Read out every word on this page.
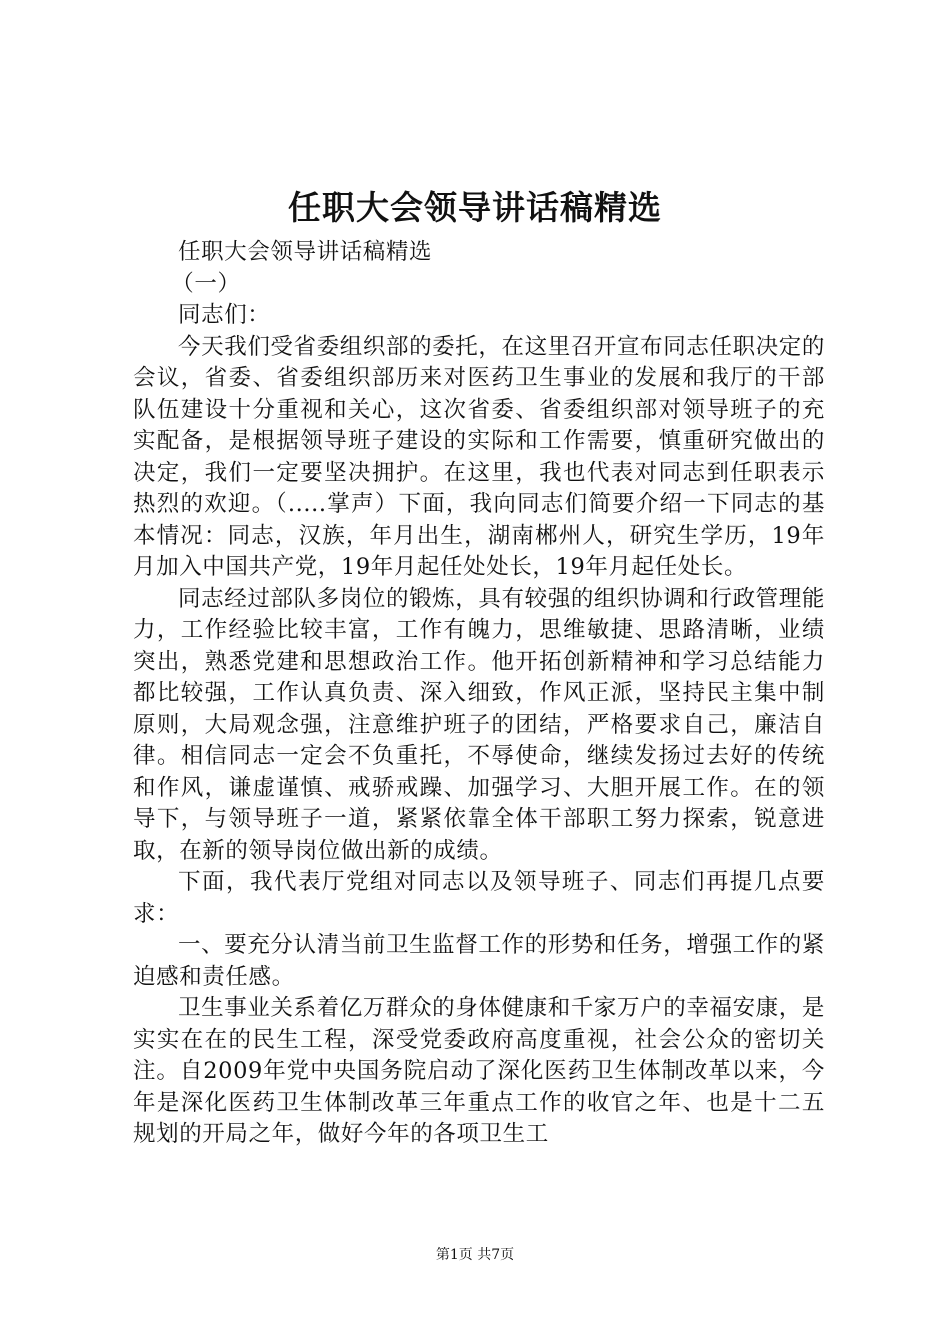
任职大会领导讲话稿精选

任职大会领导讲话稿精选

（一）

同志们：

今天我们受省委组织部的委托，在这里召开宣布同志任职决定的会议，省委、省委组织部历来对医药卫生事业的发展和我厅的干部队伍建设十分重视和关心，这次省委、省委组织部对领导班子的充实配备，是根据领导班子建设的实际和工作需要，慎重研究做出的决定，我们一定要坚决拥护。在这里，我也代表对同志到任职表示热烈的欢迎。（.....掌声）下面，我向同志们简要介绍一下同志的基本情况：同志，汉族，年月出生，湖南郴州人，研究生学历，19年月加入中国共产党，19年月起任处处长，19年月起任处长。

同志经过部队多岗位的锻炼，具有较强的组织协调和行政管理能力，工作经验比较丰富，工作有魄力，思维敏捷、思路清晰，业绩突出，熟悉党建和思想政治工作。他开拓创新精神和学习总结能力都比较强，工作认真负责、深入细致，作风正派，坚持民主集中制原则，大局观念强，注意维护班子的团结，严格要求自己，廉洁自律。相信同志一定会不负重托，不辱使命，继续发扬过去好的传统和作风，谦虚谨慎、戒骄戒躁、加强学习、大胆开展工作。在的领导下，与领导班子一道，紧紧依靠全体干部职工努力探索，锐意进取，在新的领导岗位做出新的成绩。

下面，我代表厅党组对同志以及领导班子、同志们再提几点要求：

一、要充分认清当前卫生监督工作的形势和任务，增强工作的紧迫感和责任感。

卫生事业关系着亿万群众的身体健康和千家万户的幸福安康，是实实在在的民生工程，深受党委政府高度重视，社会公众的密切关注。自2009年党中央国务院启动了深化医药卫生体制改革以来，今年是深化医药卫生体制改革三年重点工作的收官之年、也是十二五规划的开局之年，做好今年的各项卫生工

第1页 共7页
